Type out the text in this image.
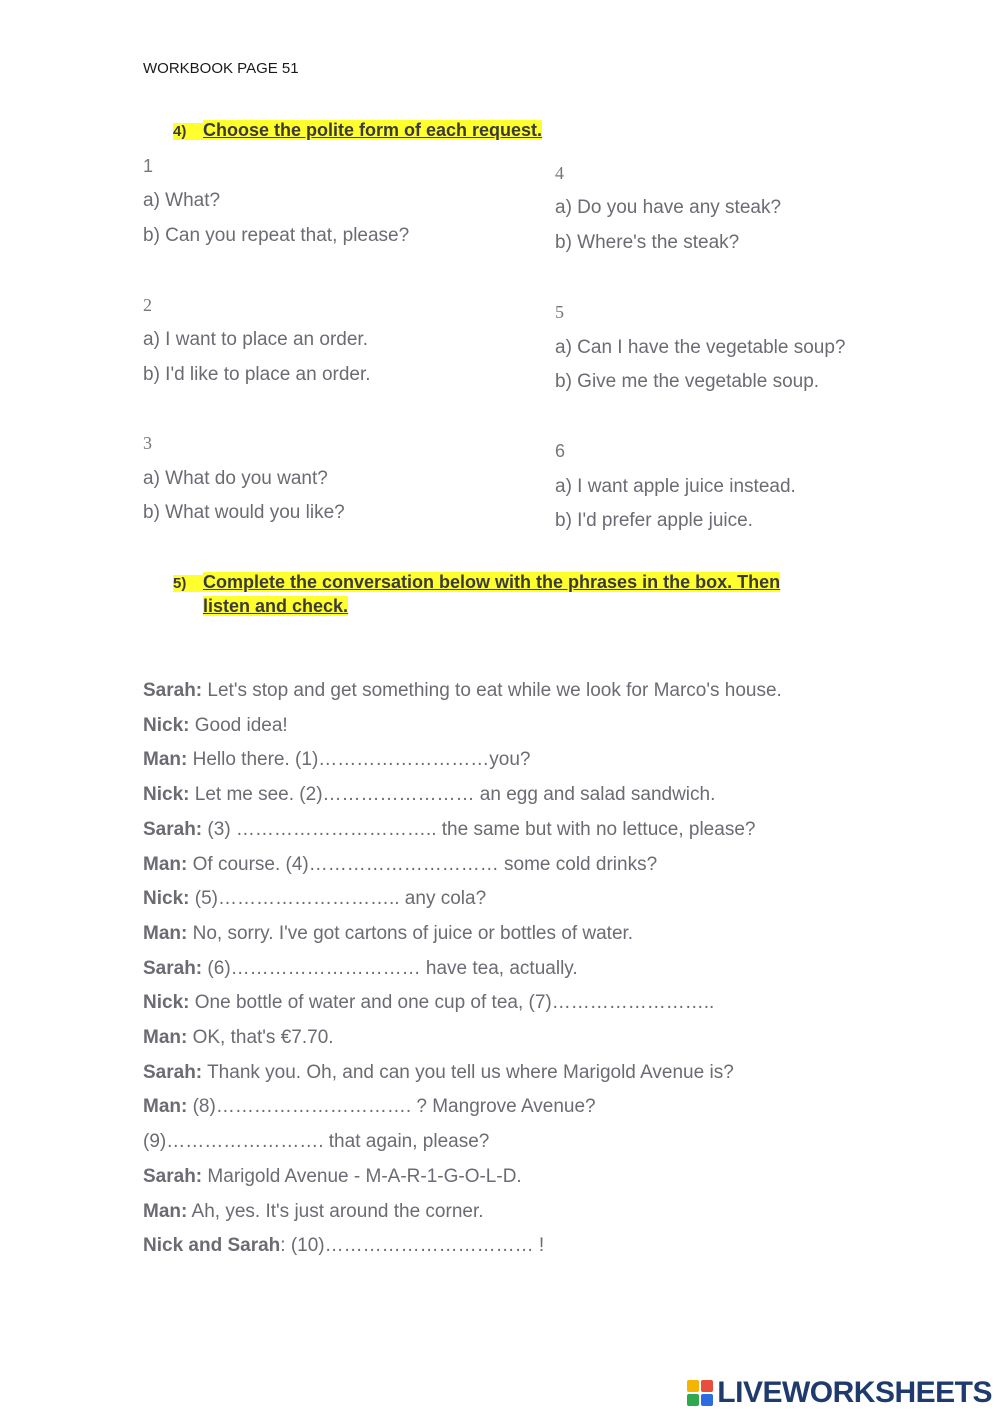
WORKBOOK PAGE 51
4) Choose the polite form of each request.
1
a) What?
b) Can you repeat that, please?
2
a) I want to place an order.
b) I'd like to place an order.
3
a) What do you want?
b) What would you like?
4
a) Do you have any steak?
b) Where's the steak?
5
a) Can I have the vegetable soup?
b) Give me the vegetable soup.
6
a) I want apple juice instead.
b) I'd prefer apple juice.
5) Complete the conversation below with the phrases in the box. Then
listen and check.
Sarah: Let's stop and get something to eat while we look for Marco's house.
Nick: Good idea!
Man: Hello there. (1)………………………you?
Nick: Let me see. (2)…………………… an egg and salad sandwich.
Sarah: (3) ………………………….. the same but with no lettuce, please?
Man: Of course. (4)………………………… some cold drinks?
Nick: (5)……………………….. any cola?
Man: No, sorry. I've got cartons of juice or bottles of water.
Sarah: (6)………………………… have tea, actually.
Nick: One bottle of water and one cup of tea, (7)……………………..
Man: OK, that's €7.70.
Sarah: Thank you. Oh, and can you tell us where Marigold Avenue is?
Man: (8)…………………………. ? Mangrove Avenue?
(9)……………………. that again, please?
Sarah: Marigold Avenue - M-A-R-1-G-O-L-D.
Man: Ah, yes. It's just around the corner.
Nick and Sarah: (10)…………………………… !
LIVEWORKSHEETS
